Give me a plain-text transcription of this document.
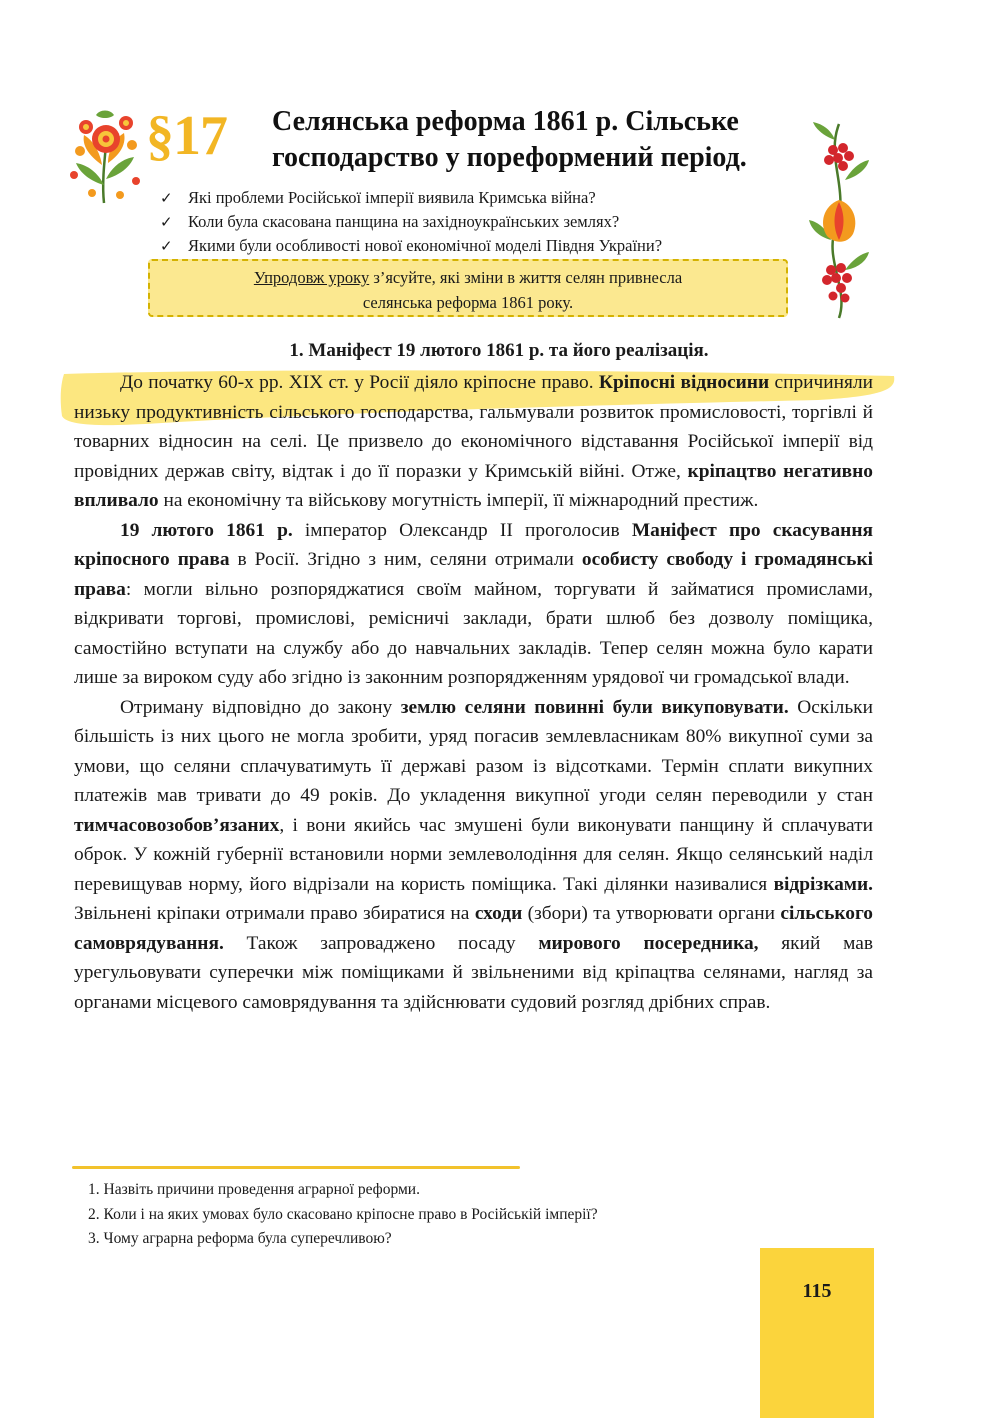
§17 Селянська реформа 1861 р. Сільське
господарство у пореформений період.
✓ Які проблеми Російської імперії виявила Кримська війна?
✓ Коли була скасована панщина на західноукраїнських землях?
✓ Якими були особливості нової економічної моделі Півдня України?
Упродовж уроку з’ясуйте, які зміни в життя селян привнесла
селянська реформа 1861 року.
1. Маніфест 19 лютого 1861 р. та його реалізація.

До початку 60-х рр. XIX ст. у Росії діяло кріпосне право. Кріпосні відносини спричиняли низьку продуктивність сільського господарства, гальмували розвиток промисловості, торгівлі й товарних відносин на селі. Це призвело до економічного відставання Російської імперії від провідних держав світу, відтак і до її поразки у Кримській війні. Отже, кріпацтво негативно впливало на економічну та військову могутність імперії, її міжнародний престиж.

19 лютого 1861 р. імператор Олександр II проголосив Маніфест про скасування кріпосного права в Росії. Згідно з ним, селяни отримали особисту свободу і громадянські права: могли вільно розпоряджатися своїм майном, торгувати й займатися промислами, відкривати торгові, промислові, ремісничі заклади, брати шлюб без дозволу поміщика, самостійно вступати на службу або до навчальних закладів. Тепер селян можна було карати лише за вироком суду або згідно із законним розпорядженням урядової чи громадської влади.

Отриману відповідно до закону землю селяни повинні були викуповувати. Оскільки більшість із них цього не могла зробити, уряд погасив землевласникам 80% викупної суми за умови, що селяни сплачуватимуть її державі разом із відсотками. Термін сплати викупних платежів мав тривати до 49 років. До укладення викупної угоди селян переводили у стан тимчасовозобов’язаних, і вони якийсь час змушені були виконувати панщину й сплачувати оброк. У кожній губернії встановили норми землеволодіння для селян. Якщо селянський наділ перевищував норму, його відрізали на користь поміщика. Такі ділянки називалися відрізками. Звільнені кріпаки отримали право збиратися на сходи (збори) та утворювати органи сільського самоврядування. Також запроваджено посаду мирового посередника, який мав урегульовувати суперечки між поміщиками й звільненими від кріпацтва селянами, нагляд за органами місцевого самоврядування та здійснювати судовий розгляд дрібних справ.

1. Назвіть причини проведення аграрної реформи.
2. Коли і на яких умовах було скасовано кріпосне право в Російській імперії?
3. Чому аграрна реформа була суперечливою?
115
